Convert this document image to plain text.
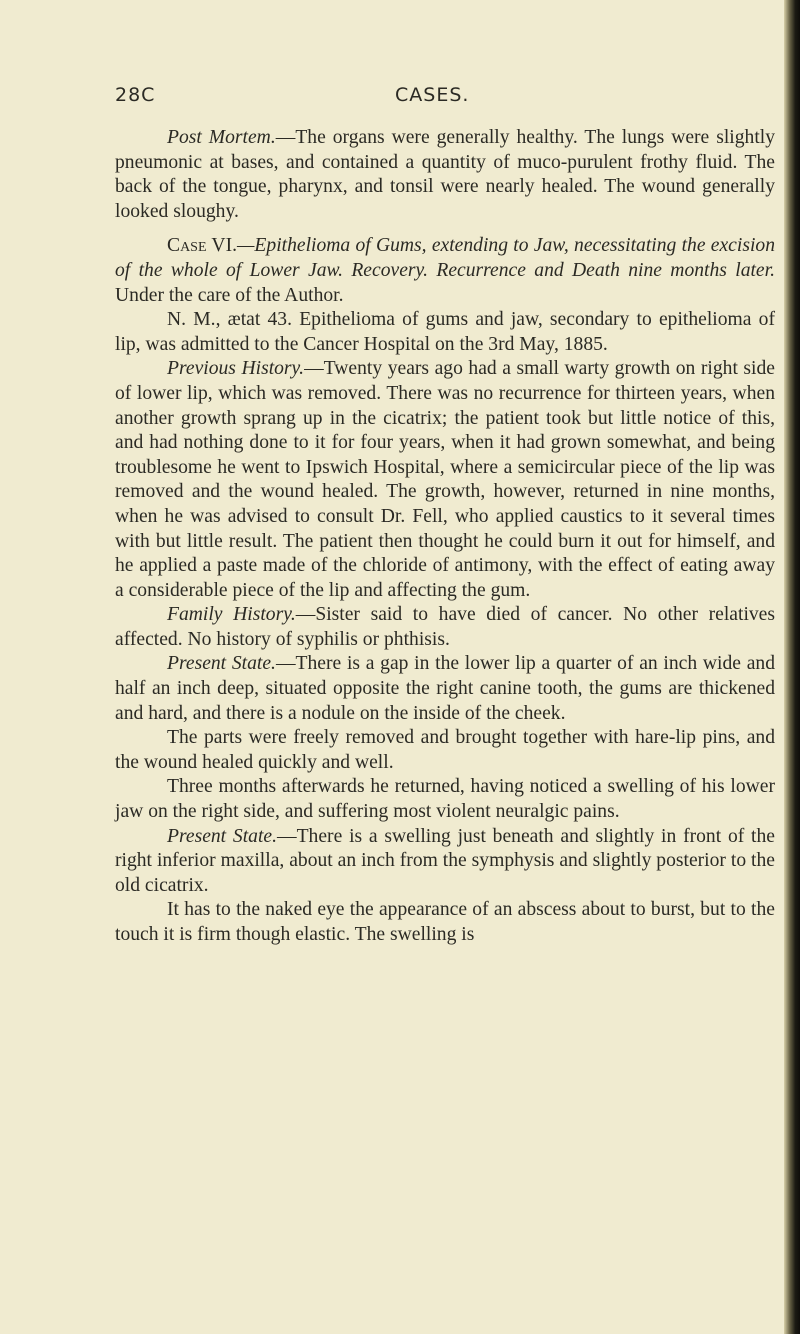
28C	CASES.

Post Mortem.—The organs were generally healthy. The lungs were slightly pneumonic at bases, and contained a quantity of muco-purulent frothy fluid. The back of the tongue, pharynx, and tonsil were nearly healed. The wound generally looked sloughy.

Case VI.—Epithelioma of Gums, extending to Jaw, necessitating the excision of the whole of Lower Jaw. Recovery. Recurrence and Death nine months later. Under the care of the Author.

N. M., ætat 43. Epithelioma of gums and jaw, secondary to epithelioma of lip, was admitted to the Cancer Hospital on the 3rd May, 1885.

Previous History.—Twenty years ago had a small warty growth on right side of lower lip, which was removed. There was no recurrence for thirteen years, when another growth sprang up in the cicatrix; the patient took but little notice of this, and had nothing done to it for four years, when it had grown somewhat, and being troublesome he went to Ipswich Hospital, where a semicircular piece of the lip was removed and the wound healed. The growth, however, returned in nine months, when he was advised to consult Dr. Fell, who applied caustics to it several times with but little result. The patient then thought he could burn it out for himself, and he applied a paste made of the chloride of antimony, with the effect of eating away a considerable piece of the lip and affecting the gum.

Family History.—Sister said to have died of cancer. No other relatives affected. No history of syphilis or phthisis.

Present State.—There is a gap in the lower lip a quarter of an inch wide and half an inch deep, situated opposite the right canine tooth, the gums are thickened and hard, and there is a nodule on the inside of the cheek.

The parts were freely removed and brought together with hare-lip pins, and the wound healed quickly and well.

Three months afterwards he returned, having noticed a swelling of his lower jaw on the right side, and suffering most violent neuralgic pains.

Present State.—There is a swelling just beneath and slightly in front of the right inferior maxilla, about an inch from the symphysis and slightly posterior to the old cicatrix.

It has to the naked eye the appearance of an abscess about to burst, but to the touch it is firm though elastic. The swelling is
